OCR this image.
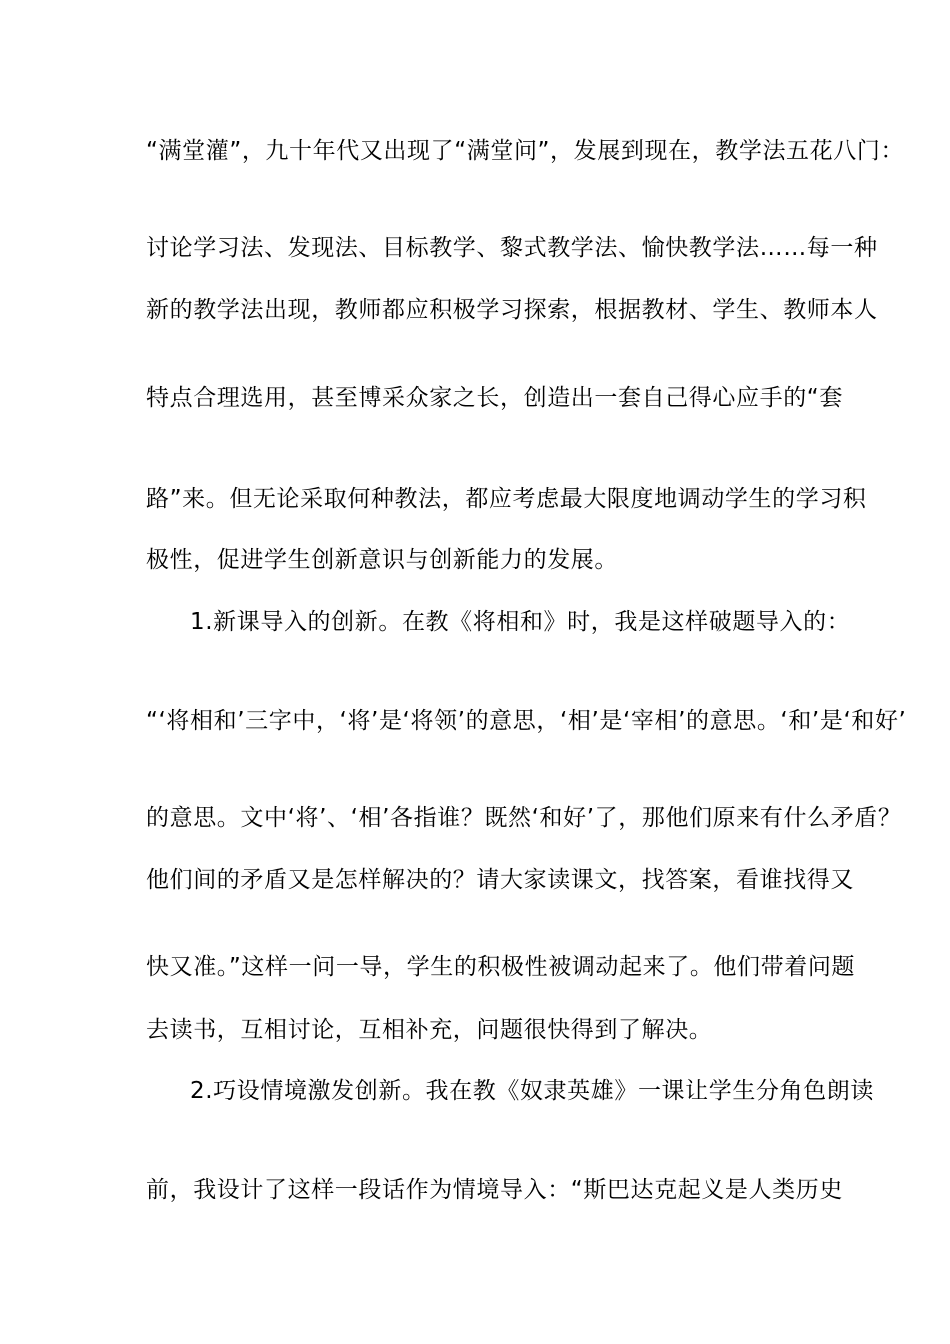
“满堂灌”，九十年代又出现了“满堂问”，发展到现在，教学法五花八门：
讨论学习法、发现法、目标教学、黎式教学法、愉快教学法……每一种
新的教学法出现，教师都应积极学习探索，根据教材、学生、教师本人
特点合理选用，甚至博采众家之长，创造出一套自己得心应手的“套
路”来。但无论采取何种教法，都应考虑最大限度地调动学生的学习积
极性，促进学生创新意识与创新能力的发展。
1.新课导入的创新。在教《将相和》时，我是这样破题导入的：
“‘将相和’三字中，‘将’是‘将领’的意思，‘相’是‘宰相’的意思。‘和’是‘和好’
的意思。文中‘将’、‘相’各指谁？既然‘和好’了，那他们原来有什么矛盾？
他们间的矛盾又是怎样解决的？请大家读课文，找答案，看谁找得又
快又准。”这样一问一导，学生的积极性被调动起来了。他们带着问题
去读书，互相讨论，互相补充，问题很快得到了解决。
2.巧设情境激发创新。我在教《奴隶英雄》一课让学生分角色朗读
前，我设计了这样一段话作为情境导入：“斯巴达克起义是人类历史
